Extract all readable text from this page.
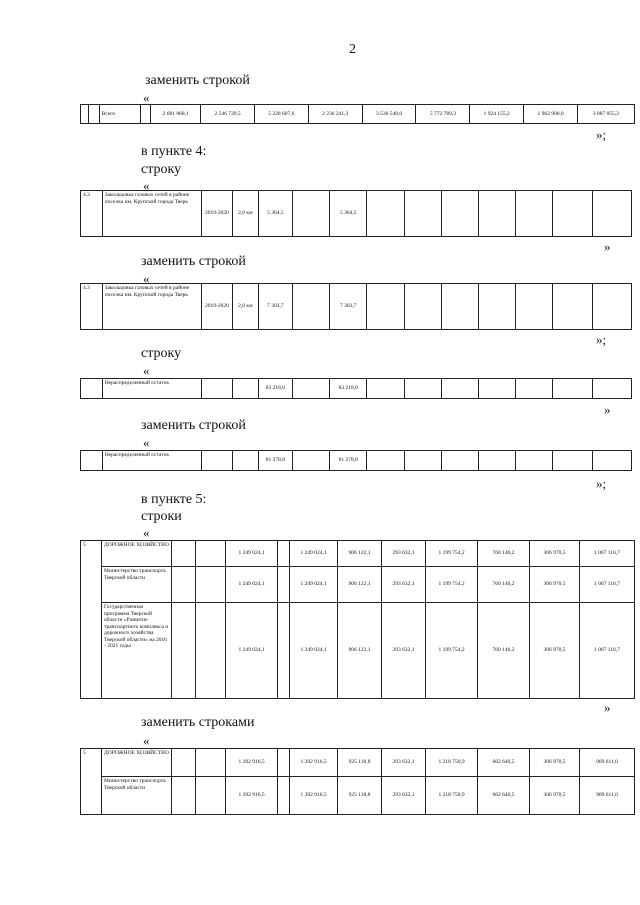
2
заменить строкой
«
		Всего		2 681 868,1	2 546 739,5	5 228 607,6	2 236 241,3	3 536 548,0	5 772 789,3	1 924 155,2	1 962 900,0	3 887 055,2
»;
в пункте 4:
строку
«
4.3	Закольцовка газовых сетей в районе поселка им. Крупской города Тверь	2019-2020	2,0 км	5 364,5		5 364,5							
»
заменить строкой
«
4.3	Закольцовка газовых сетей в районе поселка им. Крупской города Тверь	2019-2020	2,0 км	7 303,7		7 303,7							
»;
строку
«
	Нераспределенный остаток			83 218,0		83 218,0							
»
заменить строкой
«
	Нераспределенный остаток			81 278,8		81 278,8							
»;
в пункте 5:
строки
«
5	ДОРОЖНОЕ ХОЗЯЙСТВО			1 249 024,1		1 249 024,1	906 122,1	293 632,1	1 199 754,2	760 146,2	306 970,5	1 067 116,7
	Министерство транспорта Тверской области			1 249 024,1		1 249 024,1	906 122,1	293 632,1	1 199 754,2	760 146,2	306 970,5	1 067 116,7
	Государственная программа Тверской области «Развитие транспортного комплекса и дорожного хозяйства Тверской области» на 2016 - 2021 годы			1 249 024,1		1 249 024,1	906 122,1	293 632,1	1 199 754,2	760 146,2	306 970,5	1 067 116,7
»
заменить строками
«
5	ДОРОЖНОЕ ХОЗЯЙСТВО			1 392 916,5		1 392 916,5	925 118,8	293 632,1	1 218 750,9	662 640,5	306 970,5	969 611,0
	Министерство транспорта Тверской области			1 392 916,5		1 392 916,5	925 118,8	293 632,1	1 218 750,9	662 640,5	306 970,5	969 611,0
